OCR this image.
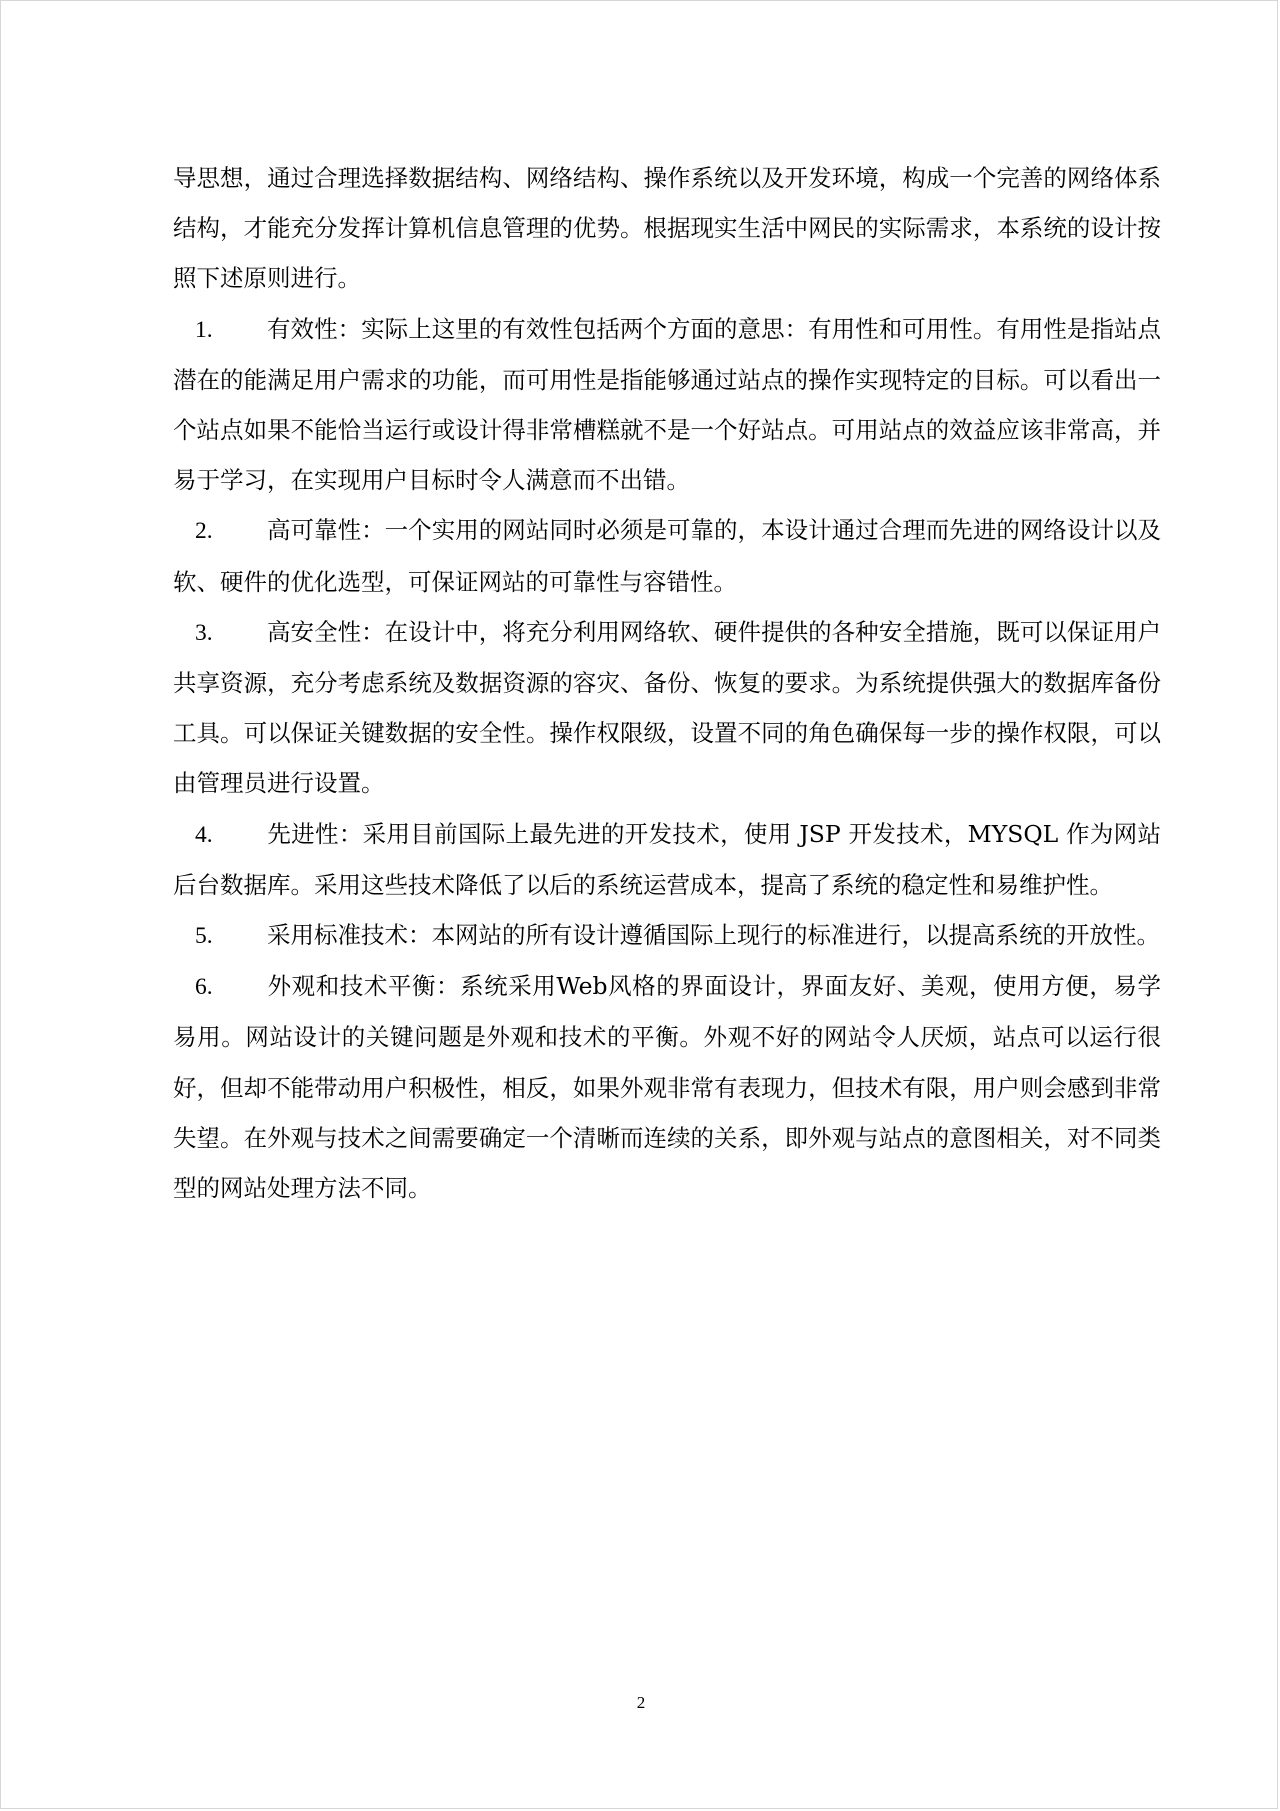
导思想，通过合理选择数据结构、网络结构、操作系统以及开发环境，构成一个完善的网络体系结构，才能充分发挥计算机信息管理的优势。根据现实生活中网民的实际需求，本系统的设计按照下述原则进行。

1. 有效性：实际上这里的有效性包括两个方面的意思：有用性和可用性。有用性是指站点潜在的能满足用户需求的功能，而可用性是指能够通过站点的操作实现特定的目标。可以看出一个站点如果不能恰当运行或设计得非常槽糕就不是一个好站点。可用站点的效益应该非常高，并易于学习，在实现用户目标时令人满意而不出错。

2. 高可靠性：一个实用的网站同时必须是可靠的，本设计通过合理而先进的网络设计以及软、硬件的优化选型，可保证网站的可靠性与容错性。

3. 高安全性：在设计中，将充分利用网络软、硬件提供的各种安全措施，既可以保证用户共享资源，充分考虑系统及数据资源的容灾、备份、恢复的要求。为系统提供强大的数据库备份工具。可以保证关键数据的安全性。操作权限级，设置不同的角色确保每一步的操作权限，可以由管理员进行设置。

4. 先进性：采用目前国际上最先进的开发技术，使用 JSP 开发技术，MYSQL 作为网站后台数据库。采用这些技术降低了以后的系统运营成本，提高了系统的稳定性和易维护性。

5. 采用标准技术：本网站的所有设计遵循国际上现行的标准进行，以提高系统的开放性。

6. 外观和技术平衡：系统采用Web风格的界面设计，界面友好、美观，使用方便，易学易用。网站设计的关键问题是外观和技术的平衡。外观不好的网站令人厌烦，站点可以运行很好，但却不能带动用户积极性，相反，如果外观非常有表现力，但技术有限，用户则会感到非常失望。在外观与技术之间需要确定一个清晰而连续的关系，即外观与站点的意图相关，对不同类型的网站处理方法不同。

2
